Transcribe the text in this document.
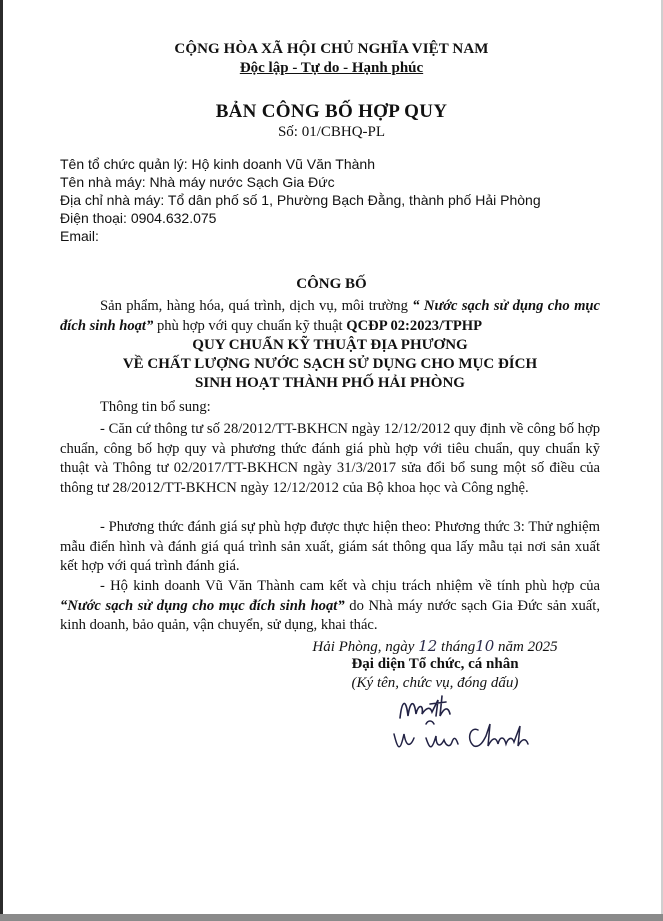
CỘNG HÒA XÃ HỘI CHỦ NGHĨA VIỆT NAM
Độc lập - Tự do - Hạnh phúc
BẢN CÔNG BỐ HỢP QUY
Số: 01/CBHQ-PL
Tên tổ chức quản lý: Hộ kinh doanh Vũ Văn Thành
Tên nhà máy: Nhà máy nước Sạch Gia Đức
Địa chỉ nhà máy: Tổ dân phố số 1, Phường Bạch Đằng, thành phố Hải Phòng
Điện thoại: 0904.632.075
Email:
CÔNG BỐ
Sản phẩm, hàng hóa, quá trình, dịch vụ, môi trường “ Nước sạch sử dụng cho mục đích sinh hoạt” phù hợp với quy chuẩn kỹ thuật QCĐP 02:2023/TPHP
QUY CHUẨN KỸ THUẬT ĐỊA PHƯƠNG
VỀ CHẤT LƯỢNG NƯỚC SẠCH SỬ DỤNG CHO MỤC ĐÍCH
SINH HOẠT THÀNH PHỐ HẢI PHÒNG
Thông tin bổ sung:
- Căn cứ thông tư số 28/2012/TT-BKHCN ngày 12/12/2012 quy định về công bố hợp chuẩn, công bố hợp quy và phương thức đánh giá phù hợp với tiêu chuẩn, quy chuẩn kỹ thuật và Thông tư 02/2017/TT-BKHCN ngày 31/3/2017 sửa đổi bổ sung một số điều của thông tư 28/2012/TT-BKHCN ngày 12/12/2012 của Bộ khoa học và Công nghệ.
- Phương thức đánh giá sự phù hợp được thực hiện theo: Phương thức 3: Thử nghiệm mẫu điển hình và đánh giá quá trình sản xuất, giám sát thông qua lấy mẫu tại nơi sản xuất kết hợp với quá trình đánh giá.
- Hộ kinh doanh Vũ Văn Thành cam kết và chịu trách nhiệm về tính phù hợp của “Nước sạch sử dụng cho mục đích sinh hoạt” do Nhà máy nước sạch Gia Đức sản xuất, kinh doanh, bảo quản, vận chuyển, sử dụng, khai thác.
Hải Phòng, ngày 12 tháng10 năm 2025
Đại diện Tổ chức, cá nhân
(Ký tên, chức vụ, đóng dấu)
